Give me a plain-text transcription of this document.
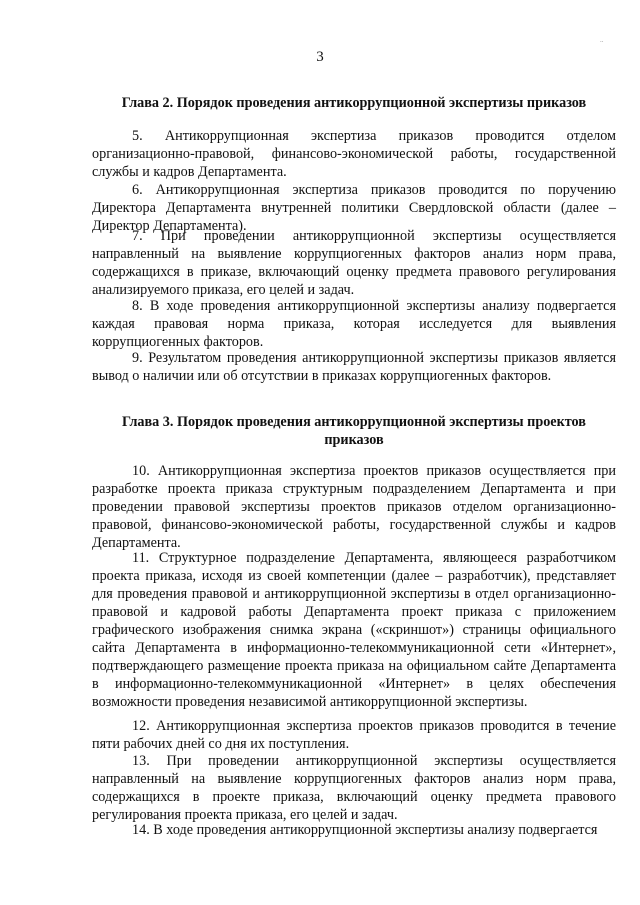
..
3
Глава 2. Порядок проведения антикоррупционной экспертизы приказов

5. Антикоррупционная экспертиза приказов проводится отделом организационно-правовой, финансово-экономической работы, государственной службы и кадров Департамента.

6. Антикоррупционная экспертиза приказов проводится по поручению Директора Департамента внутренней политики Свердловской области (далее – Директор Департамента).

7. При проведении антикоррупционной экспертизы осуществляется направленный на выявление коррупциогенных факторов анализ норм права, содержащихся в приказе, включающий оценку предмета правового регулирования анализируемого приказа, его целей и задач.

8. В ходе проведения антикоррупционной экспертизы анализу подвергается каждая правовая норма приказа, которая исследуется для выявления коррупциогенных факторов.

9. Результатом проведения антикоррупционной экспертизы приказов является вывод о наличии или об отсутствии в приказах коррупциогенных факторов.

Глава 3. Порядок проведения антикоррупционной экспертизы проектов приказов

10. Антикоррупционная экспертиза проектов приказов осуществляется при разработке проекта приказа структурным подразделением Департамента и при проведении правовой экспертизы проектов приказов отделом организационно-правовой, финансово-экономической работы, государственной службы и кадров Департамента.

11. Структурное подразделение Департамента, являющееся разработчиком проекта приказа, исходя из своей компетенции (далее – разработчик), представляет для проведения правовой и антикоррупционной экспертизы в отдел организационно-правовой и кадровой работы Департамента проект приказа с приложением графического изображения снимка экрана («скриншот») страницы официального сайта Департамента в информационно-телекоммуникационной сети «Интернет», подтверждающего размещение проекта приказа на официальном сайте Департамента в информационно-телекоммуникационной «Интернет» в целях обеспечения возможности проведения независимой антикоррупционной экспертизы.

12. Антикоррупционная экспертиза проектов приказов проводится в течение пяти рабочих дней со дня их поступления.

13. При проведении антикоррупционной экспертизы осуществляется направленный на выявление коррупциогенных факторов анализ норм права, содержащихся в проекте приказа, включающий оценку предмета правового регулирования проекта приказа, его целей и задач.

14. В ходе проведения антикоррупционной экспертизы анализу подвергается
